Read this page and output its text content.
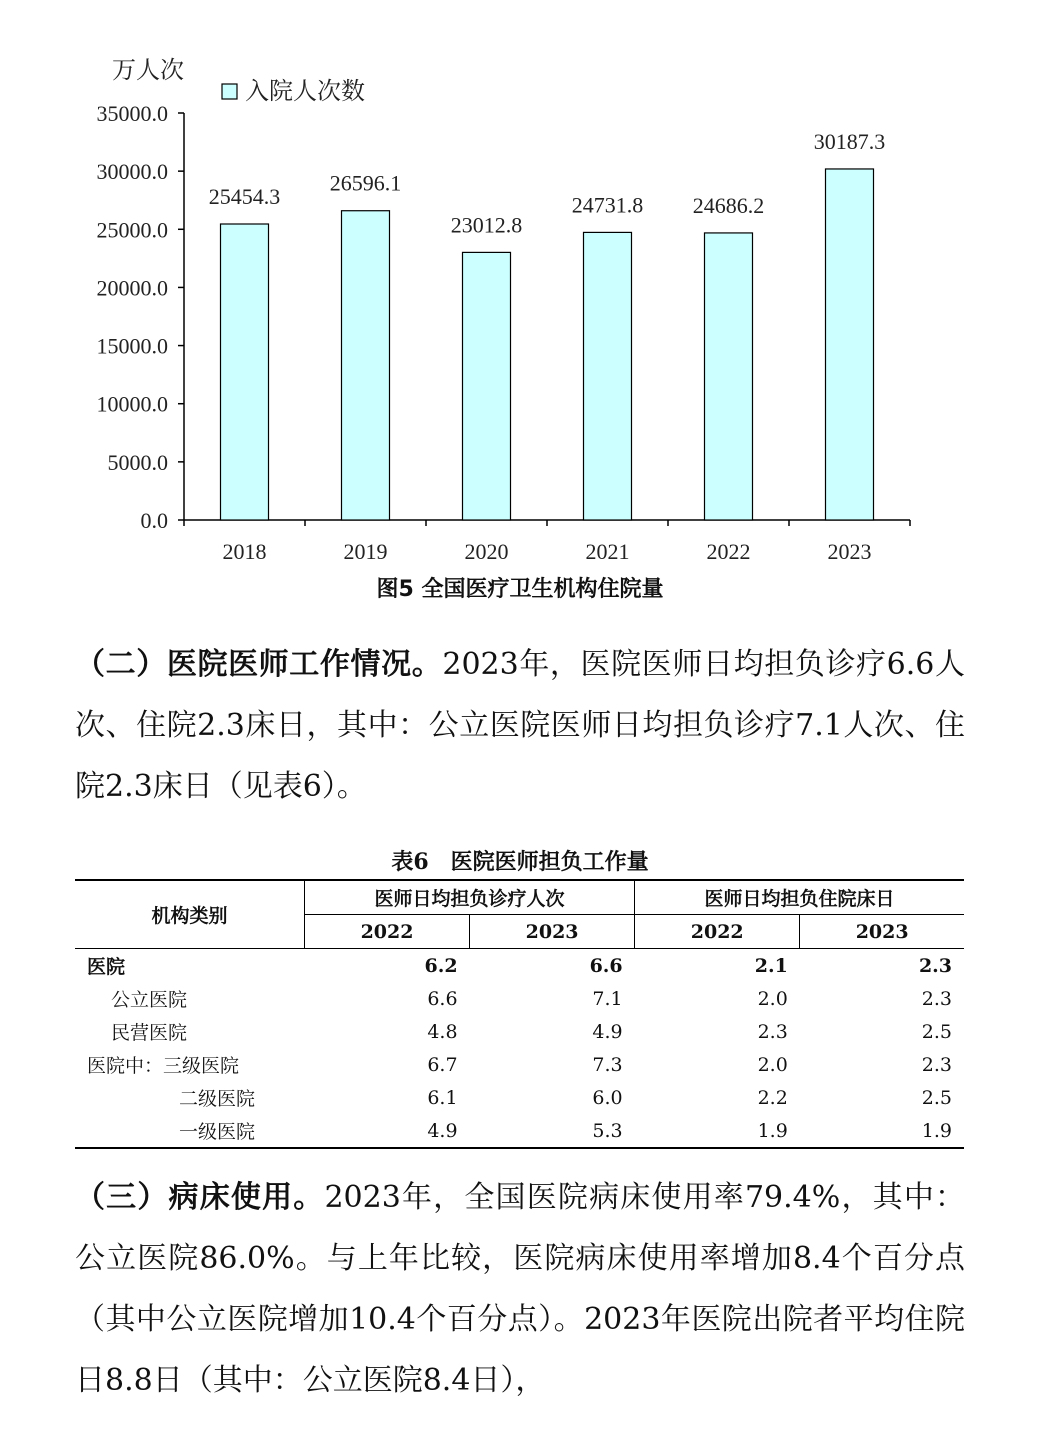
万人次
入院人次数
0.0
5000.0
10000.0
15000.0
20000.0
25000.0
30000.0
35000.0
25454.3
26596.1
23012.8
24731.8 24686.2
30187.3
2018	2019	2020	2021	2022	2023

图5 全国医疗卫生机构住院量

（二）医院医师工作情况。2023年，医院医师日均担负诊疗6.6人次、住院2.3床日，其中：公立医院医师日均担负诊疗7.1人次、住院2.3床日（见表6）。

表6　医院医师担负工作量

机构类别	医师日均担负诊疗人次		医师日均担负住院床日	
	2022	2023	2022	2023
医院	6.2	6.6	2.1	2.3
公立医院	6.6	7.1	2.0	2.3
民营医院	4.8	4.9	2.3	2.5
医院中：三级医院	6.7	7.3	2.0	2.3
二级医院	6.1	6.0	2.2	2.5
一级医院	4.9	5.3	1.9	1.9

（三）病床使用。2023年，全国医院病床使用率79.4%，其中：公立医院86.0%。与上年比较，医院病床使用率增加8.4个百分点（其中公立医院增加10.4个百分点）。2023年医院出院者平均住院日8.8日（其中：公立医院8.4日），
